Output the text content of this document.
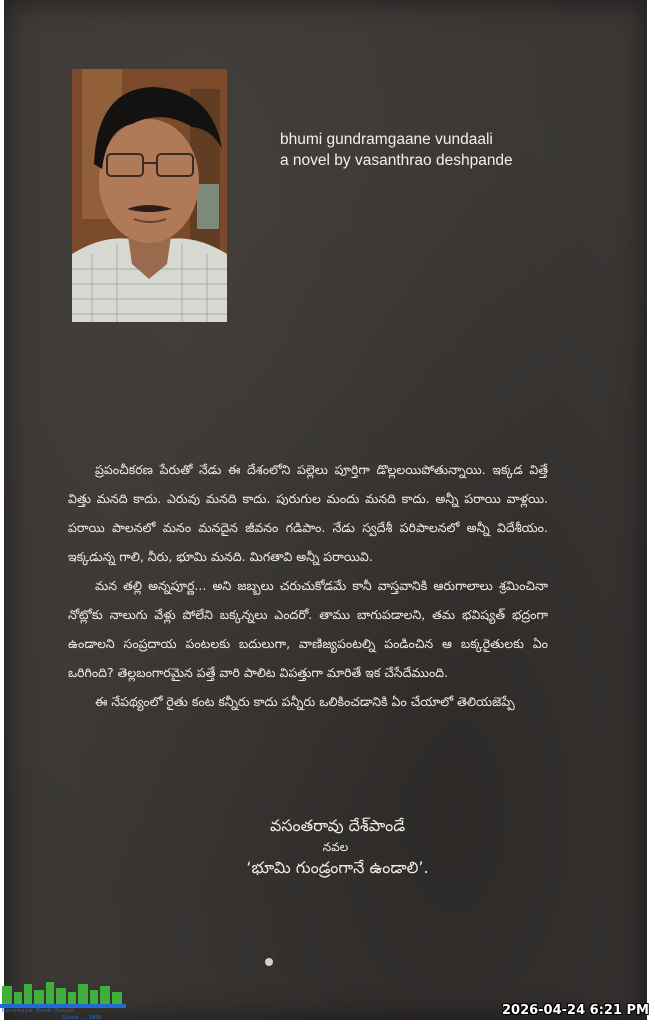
bhumi gundramgaane vundaali
a novel by vasanthrao deshpande

ప్రపంచీకరణ పేరుతో నేడు ఈ దేశంలోని పల్లెలు పూర్తిగా డొల్లలయిపోతున్నాయి. ఇక్కడ విత్తే విత్తు మనది కాదు. ఎరువు మనది కాదు. పురుగుల మందు మనది కాదు. అన్నీ పరాయి వాళ్లయి. పరాయి పాలనలో మనం మనదైన జీవనం గడిపాం. నేడు స్వదేశీ పరిపాలనలో అన్నీ విదేశీయం. ఇక్కడున్న గాలి, నీరు, భూమి మనది. మిగతావి అన్నీ పరాయివి.

మన తల్లి అన్నపూర్ణ... అని జబ్బలు చరుచుకోడమే కానీ వాస్తవానికి ఆరుగాలాలు శ్రమించినా నోట్లోకు నాలుగు వేళ్లు పోలేని బక్కన్నలు ఎందరో. తాము బాగుపడాలని, తమ భవిష్యత్ భద్రంగా ఉండాలని సంప్రదాయ పంటలకు బదులుగా, వాణిజ్యపంటల్ని పండించిన ఆ బక్కరైతులకు ఏం ఒరిగింది? తెల్లబంగారమైన పత్తే వారి పాలిట విపత్తుగా మారితే ఇక చేసేదేముంది.

ఈ నేపథ్యంలో రైతు కంట కన్నీరు కాదు పన్నీరు ఒలికించడానికి ఏం చేయాలో తెలియజెప్పే

వసంతరావు దేశ్‌పాండే
నవల
‘భూమి గుండ్రంగానే ఉండాలి’.
Navodaya Book House
Since...1990	2026-04-24 6:21 PM
